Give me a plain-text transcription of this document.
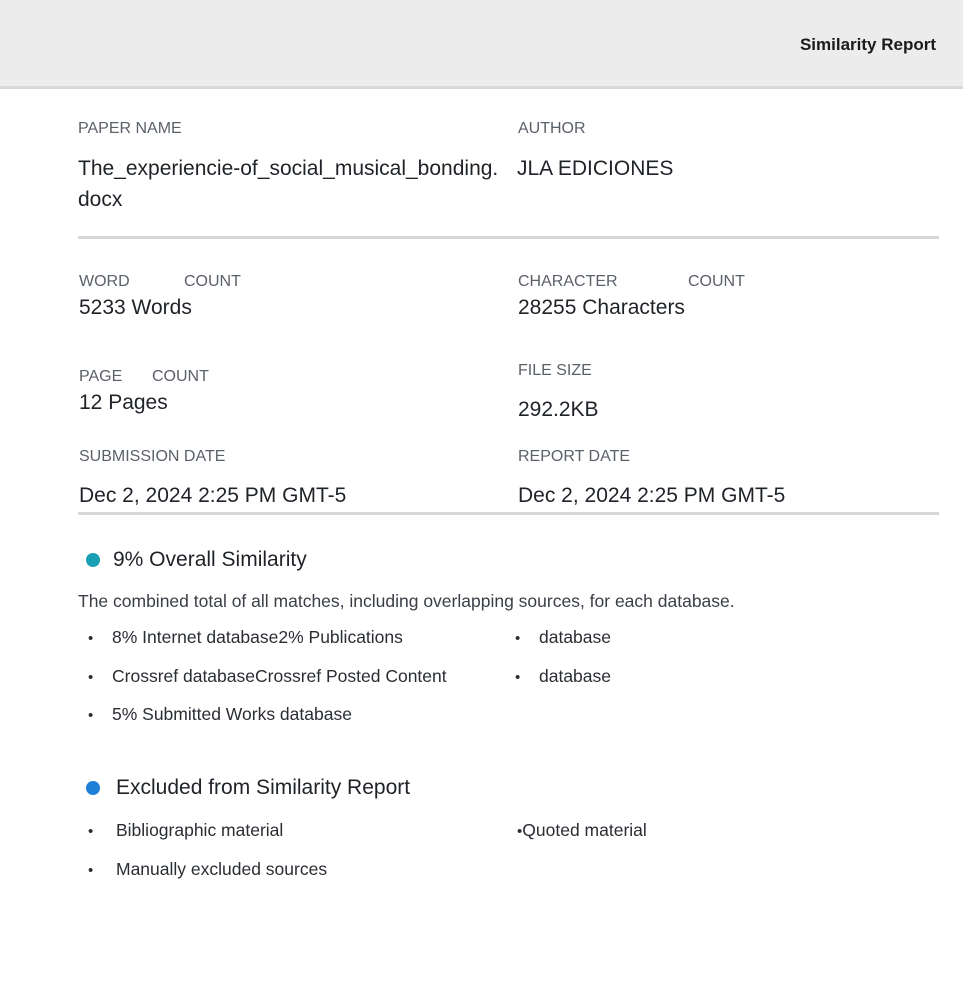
Similarity Report
PAPER NAME
The_experiencie-of_social_musical_bonding.docx
AUTHOR
JLA EDICIONES
WORD	COUNT
5233 Words
CHARACTER	COUNT
28255 Characters
PAGE COUNT
12 Pages
FILE SIZE
292.2KB
SUBMISSION DATE
Dec 2, 2024 2:25 PM GMT-5
REPORT DATE
Dec 2, 2024 2:25 PM GMT-5
9% Overall Similarity
The combined total of all matches, including overlapping sources, for each database.
• 8% Internet database2% Publications
• Crossref databaseCrossref Posted Content
• 5% Submitted Works database
• database
• database
Excluded from Similarity Report
• Bibliographic material
• Manually excluded sources
•Quoted material
